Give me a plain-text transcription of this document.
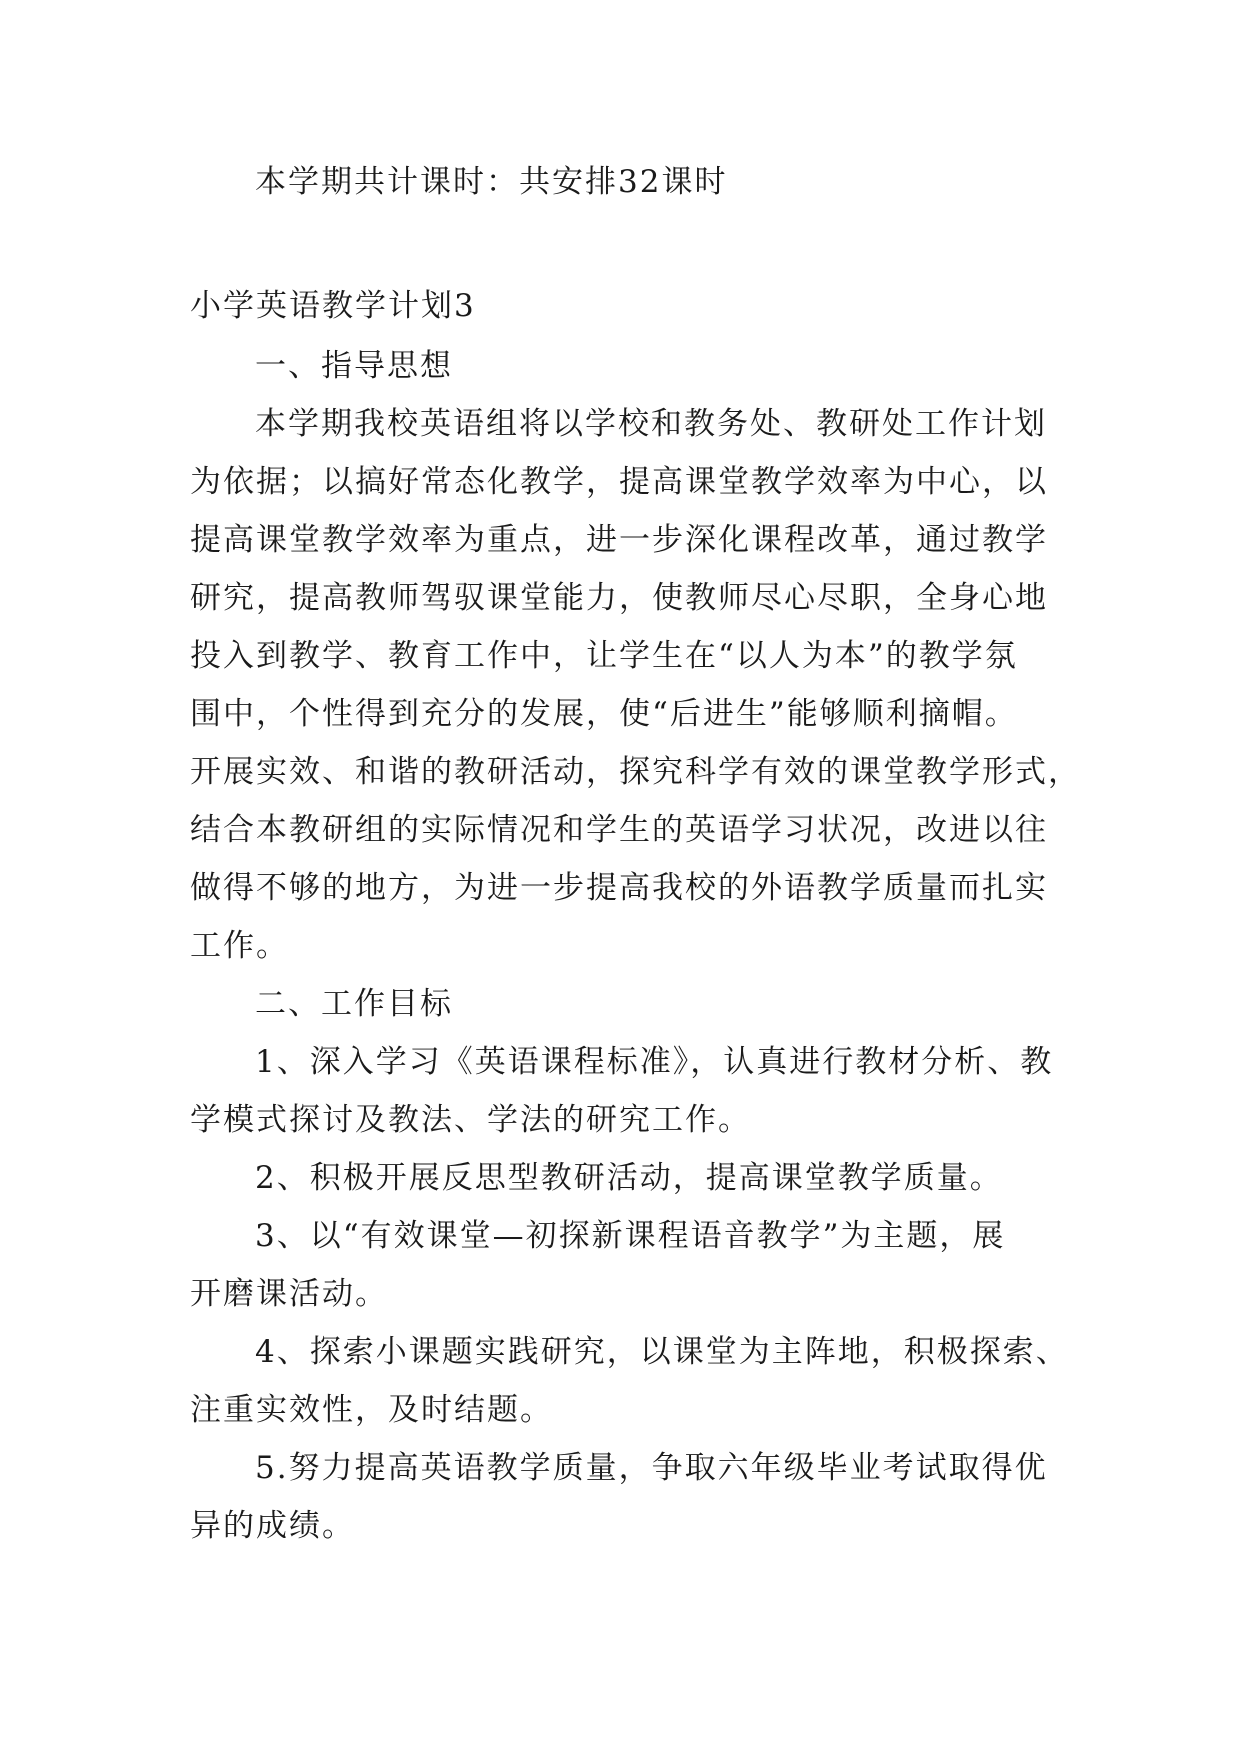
本学期共计课时：共安排32课时
小学英语教学计划3
一、指导思想
本学期我校英语组将以学校和教务处、教研处工作计划
为依据；以搞好常态化教学，提高课堂教学效率为中心，以
提高课堂教学效率为重点，进一步深化课程改革，通过教学
研究，提高教师驾驭课堂能力，使教师尽心尽职，全身心地
投入到教学、教育工作中，让学生在“以人为本”的教学氛
围中，个性得到充分的发展，使“后进生”能够顺利摘帽。
开展实效、和谐的教研活动，探究科学有效的课堂教学形式，
结合本教研组的实际情况和学生的英语学习状况，改进以往
做得不够的地方，为进一步提高我校的外语教学质量而扎实
工作。
二、工作目标
1、深入学习《英语课程标准》，认真进行教材分析、教
学模式探讨及教法、学法的研究工作。
2、积极开展反思型教研活动，提高课堂教学质量。
3、以“有效课堂—初探新课程语音教学”为主题，展
开磨课活动。
4、探索小课题实践研究，以课堂为主阵地，积极探索、
注重实效性，及时结题。
5.努力提高英语教学质量，争取六年级毕业考试取得优
异的成绩。
